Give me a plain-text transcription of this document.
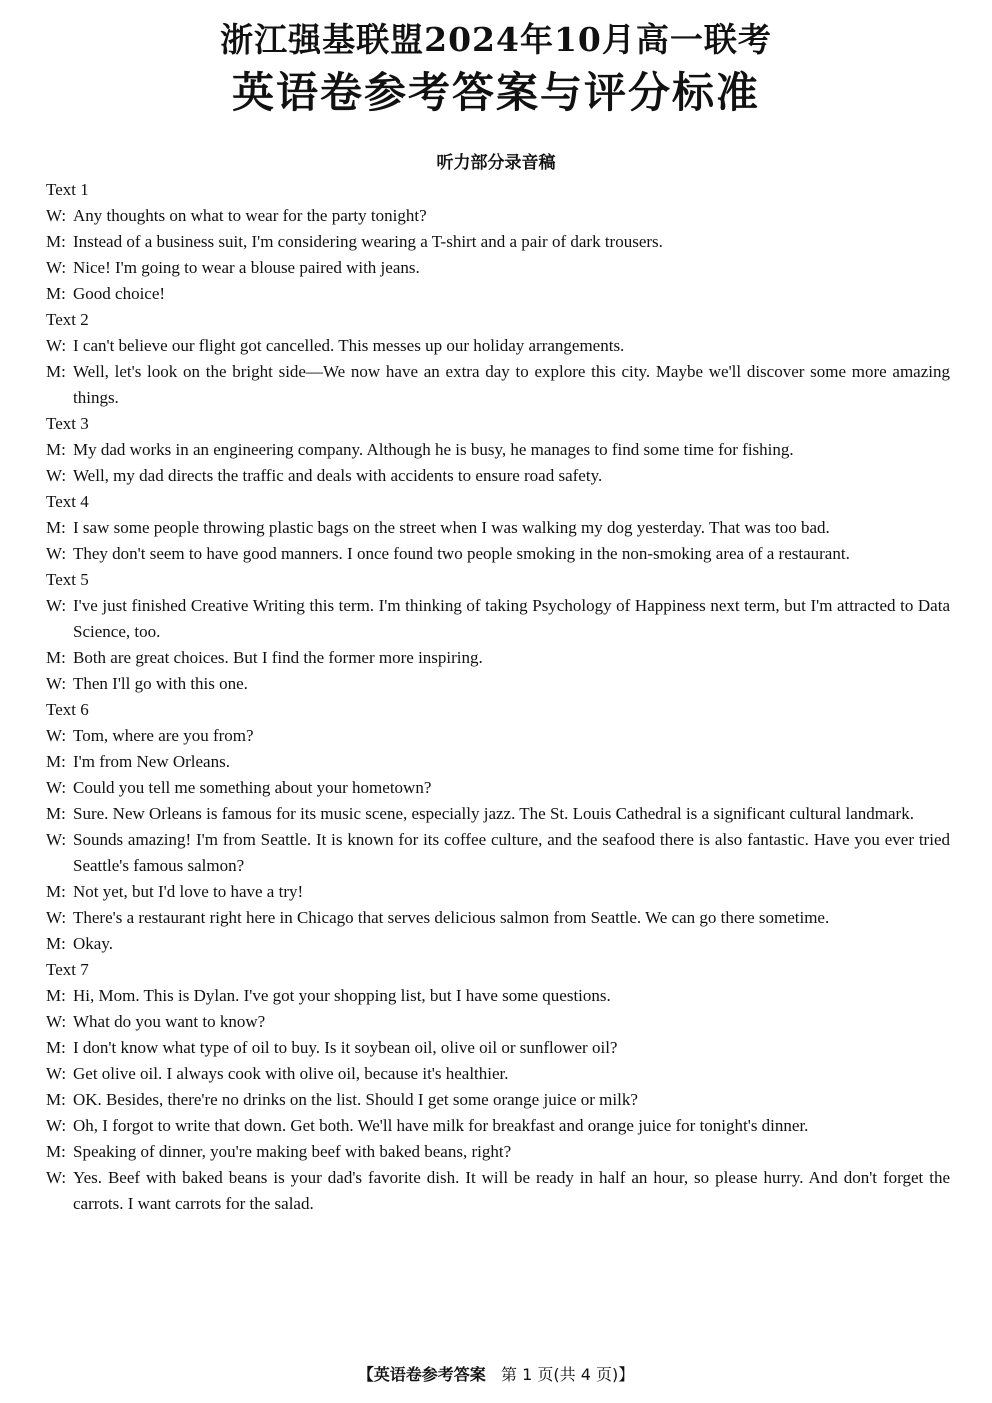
浙江强基联盟2024年10月高一联考
英语卷参考答案与评分标准
听力部分录音稿
Text 1
W: Any thoughts on what to wear for the party tonight?
M: Instead of a business suit, I'm considering wearing a T-shirt and a pair of dark trousers.
W: Nice! I'm going to wear a blouse paired with jeans.
M: Good choice!
Text 2
W: I can't believe our flight got cancelled. This messes up our holiday arrangements.
M: Well, let's look on the bright side—We now have an extra day to explore this city. Maybe we'll discover some more amazing things.
Text 3
M: My dad works in an engineering company. Although he is busy, he manages to find some time for fishing.
W: Well, my dad directs the traffic and deals with accidents to ensure road safety.
Text 4
M: I saw some people throwing plastic bags on the street when I was walking my dog yesterday. That was too bad.
W: They don't seem to have good manners. I once found two people smoking in the non-smoking area of a restaurant.
Text 5
W: I've just finished Creative Writing this term. I'm thinking of taking Psychology of Happiness next term, but I'm attracted to Data Science, too.
M: Both are great choices. But I find the former more inspiring.
W: Then I'll go with this one.
Text 6
W: Tom, where are you from?
M: I'm from New Orleans.
W: Could you tell me something about your hometown?
M: Sure. New Orleans is famous for its music scene, especially jazz. The St. Louis Cathedral is a significant cultural landmark.
W: Sounds amazing! I'm from Seattle. It is known for its coffee culture, and the seafood there is also fantastic. Have you ever tried Seattle's famous salmon?
M: Not yet, but I'd love to have a try!
W: There's a restaurant right here in Chicago that serves delicious salmon from Seattle. We can go there sometime.
M: Okay.
Text 7
M: Hi, Mom. This is Dylan. I've got your shopping list, but I have some questions.
W: What do you want to know?
M: I don't know what type of oil to buy. Is it soybean oil, olive oil or sunflower oil?
W: Get olive oil. I always cook with olive oil, because it's healthier.
M: OK. Besides, there're no drinks on the list. Should I get some orange juice or milk?
W: Oh, I forgot to write that down. Get both. We'll have milk for breakfast and orange juice for tonight's dinner.
M: Speaking of dinner, you're making beef with baked beans, right?
W: Yes. Beef with baked beans is your dad's favorite dish. It will be ready in half an hour, so please hurry. And don't forget the carrots. I want carrots for the salad.
【英语卷参考答案 第 1 页(共 4 页)】
